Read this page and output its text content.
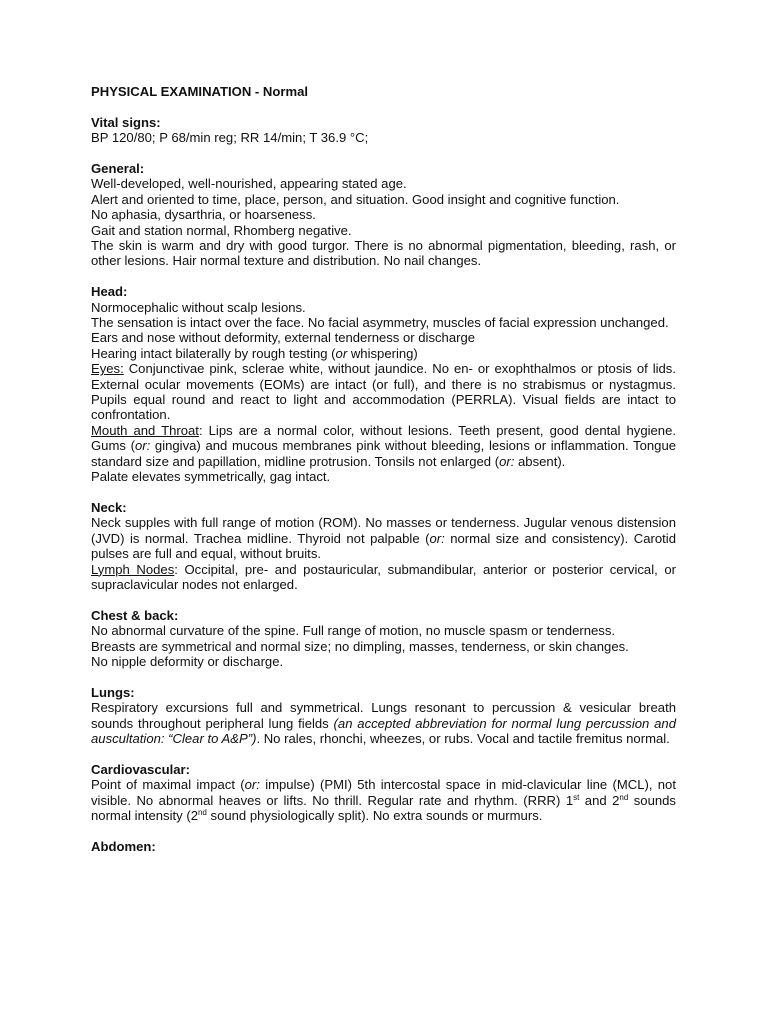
PHYSICAL EXAMINATION - Normal

Vital signs:

BP 120/80; P 68/min reg; RR 14/min; T 36.9 °C;

General:

Well-developed, well-nourished, appearing stated age.

Alert and oriented to time, place, person, and situation. Good insight and cognitive function.

No aphasia, dysarthria, or hoarseness.

Gait and station normal, Rhomberg negative.

The skin is warm and dry with good turgor. There is no abnormal pigmentation, bleeding, rash, or other lesions. Hair normal texture and distribution. No nail changes.

Head:

Normocephalic without scalp lesions.

The sensation is intact over the face. No facial asymmetry, muscles of facial expression unchanged.

Ears and nose without deformity, external tenderness or discharge

Hearing intact bilaterally by rough testing (or whispering)

Eyes: Conjunctivae pink, sclerae white, without jaundice. No en- or exophthalmos or ptosis of lids. External ocular movements (EOMs) are intact (or full), and there is no strabismus or nystagmus. Pupils equal round and react to light and accommodation (PERRLA). Visual fields are intact to confrontation.

Mouth and Throat: Lips are a normal color, without lesions. Teeth present, good dental hygiene. Gums (or: gingiva) and mucous membranes pink without bleeding, lesions or inflammation. Tongue standard size and papillation, midline protrusion. Tonsils not enlarged (or: absent).

Palate elevates symmetrically, gag intact.

Neck:

Neck supples with full range of motion (ROM). No masses or tenderness. Jugular venous distension (JVD) is normal. Trachea midline. Thyroid not palpable (or: normal size and consistency). Carotid pulses are full and equal, without bruits.

Lymph Nodes: Occipital, pre- and postauricular, submandibular, anterior or posterior cervical, or supraclavicular nodes not enlarged.

Chest & back:

No abnormal curvature of the spine. Full range of motion, no muscle spasm or tenderness.

Breasts are symmetrical and normal size; no dimpling, masses, tenderness, or skin changes.

No nipple deformity or discharge.

Lungs:

Respiratory excursions full and symmetrical. Lungs resonant to percussion & vesicular breath sounds throughout peripheral lung fields (an accepted abbreviation for normal lung percussion and auscultation: “Clear to A&P”). No rales, rhonchi, wheezes, or rubs. Vocal and tactile fremitus normal.

Cardiovascular:

Point of maximal impact (or: impulse) (PMI) 5th intercostal space in mid-clavicular line (MCL), not visible. No abnormal heaves or lifts. No thrill. Regular rate and rhythm. (RRR) 1st and 2nd sounds normal intensity (2nd sound physiologically split). No extra sounds or murmurs.

Abdomen:
